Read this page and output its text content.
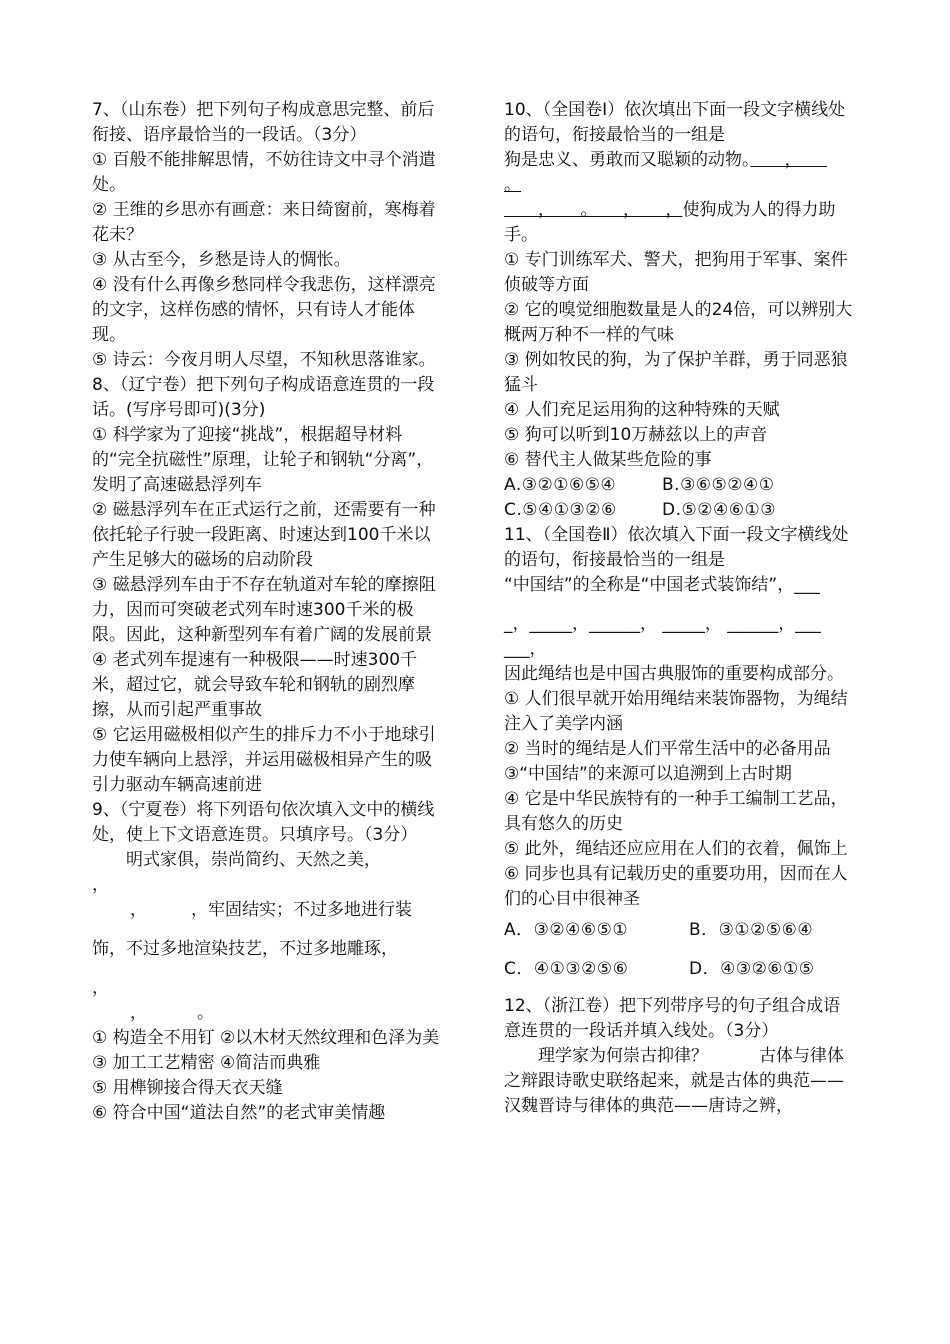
7、（山东卷）把下列句子构成意思完整、前后衔接、语序最恰当的一段话。（3分）

① 百般不能排解思情，不妨往诗文中寻个消遣处。

② 王维的乡思亦有画意：来日绮窗前，寒梅着花未？

③ 从古至今，乡愁是诗人的惆怅。

④ 没有什么再像乡愁同样令我悲伤，这样漂亮的文字，这样伤感的情怀，只有诗人才能体现。

⑤ 诗云：今夜月明人尽望，不知秋思落谁家。

8、（辽宁卷）把下列句子构成语意连贯的一段话。(写序号即可)(3分)

① 科学家为了迎接“挑战”，根据超导材料的“完全抗磁性”原理，让轮子和钢轨“分离”，发明了高速磁悬浮列车

② 磁悬浮列车在正式运行之前，还需要有一种依托轮子行驶一段距离、时速达到100千米以产生足够大的磁场的启动阶段

③ 磁悬浮列车由于不存在轨道对车轮的摩擦阻力，因而可突破老式列车时速300千米的极限。因此，这种新型列车有着广阔的发展前景

④ 老式列车提速有一种极限——时速300千米，超过它，就会导致车轮和钢轨的剧烈摩擦，从而引起严重事故

⑤ 它运用磁极相似产生的排斥力不小于地球引力使车辆向上悬浮，并运用磁极相异产生的吸引力驱动车辆高速前进

9、（宁夏卷）将下列语句依次填入文中的横线处，使上下文语意连贯。只填序号。（3分）

明式家俱，崇尚简约、天然之美，

，

，	，牢固结实；不过多地进行装

饰，不过多地渲染技艺，不过多地雕琢，

，

，	。

① 构造全不用钉 ②以木材天然纹理和色泽为美

③ 加工工艺精密 ④简洁而典雅

⑤ 用榫铆接合得天衣天缝

⑥ 符合中国“道法自然”的老式审美情趣

10、（全国卷Ⅰ）依次填出下面一段文字横线处的语句，衔接最恰当的一组是

狗是忠义、勇敢而又聪颖的动物。　　，　　

。

　　，　　。　　，　　，使狗成为人的得力助手。

① 专门训练军犬、警犬，把狗用于军事、案件侦破等方面

② 它的嗅觉细胞数量是人的24倍，可以辨别大概两万种不一样的气味

③ 例如牧民的狗，为了保护羊群，勇于同恶狼猛斗

④ 人们充足运用狗的这种特殊的天赋

⑤ 狗可以听到10万赫兹以上的声音

⑥ 替代主人做某些危险的事

A.③②①⑥⑤④	B.③⑥⑤②④①

C.⑤④①③②⑥	D.⑤②④⑥①③

11、（全国卷Ⅱ）依次填入下面一段文字横线处的语句，衔接最恰当的一组是

“中国结”的全称是“中国老式装饰结”，___

_，_____，______， _____， ______，___

___，

因此绳结也是中国古典服饰的重要构成部分。

① 人们很早就开始用绳结来装饰器物，为绳结注入了美学内涵

② 当时的绳结是人们平常生活中的必备用品

③“中国结”的来源可以追溯到上古时期

④ 它是中华民族特有的一种手工编制工艺品，具有悠久的历史

⑤ 此外，绳结还应应用在人们的衣着，佩饰上

⑥ 同步也具有记载历史的重要功用，因而在人们的心目中很神圣

A．③②④⑥⑤①	B．③①②⑤⑥④

C．④①③②⑤⑥	D．④③②⑥①⑤

12、（浙江卷）把下列带序号的句子组合成语意连贯的一段话并填入线处。（3分）

理学家为何崇古抑律？　　　古体与律体之辩跟诗歌史联络起来，就是古体的典范——汉魏晋诗与律体的典范——唐诗之辨，
